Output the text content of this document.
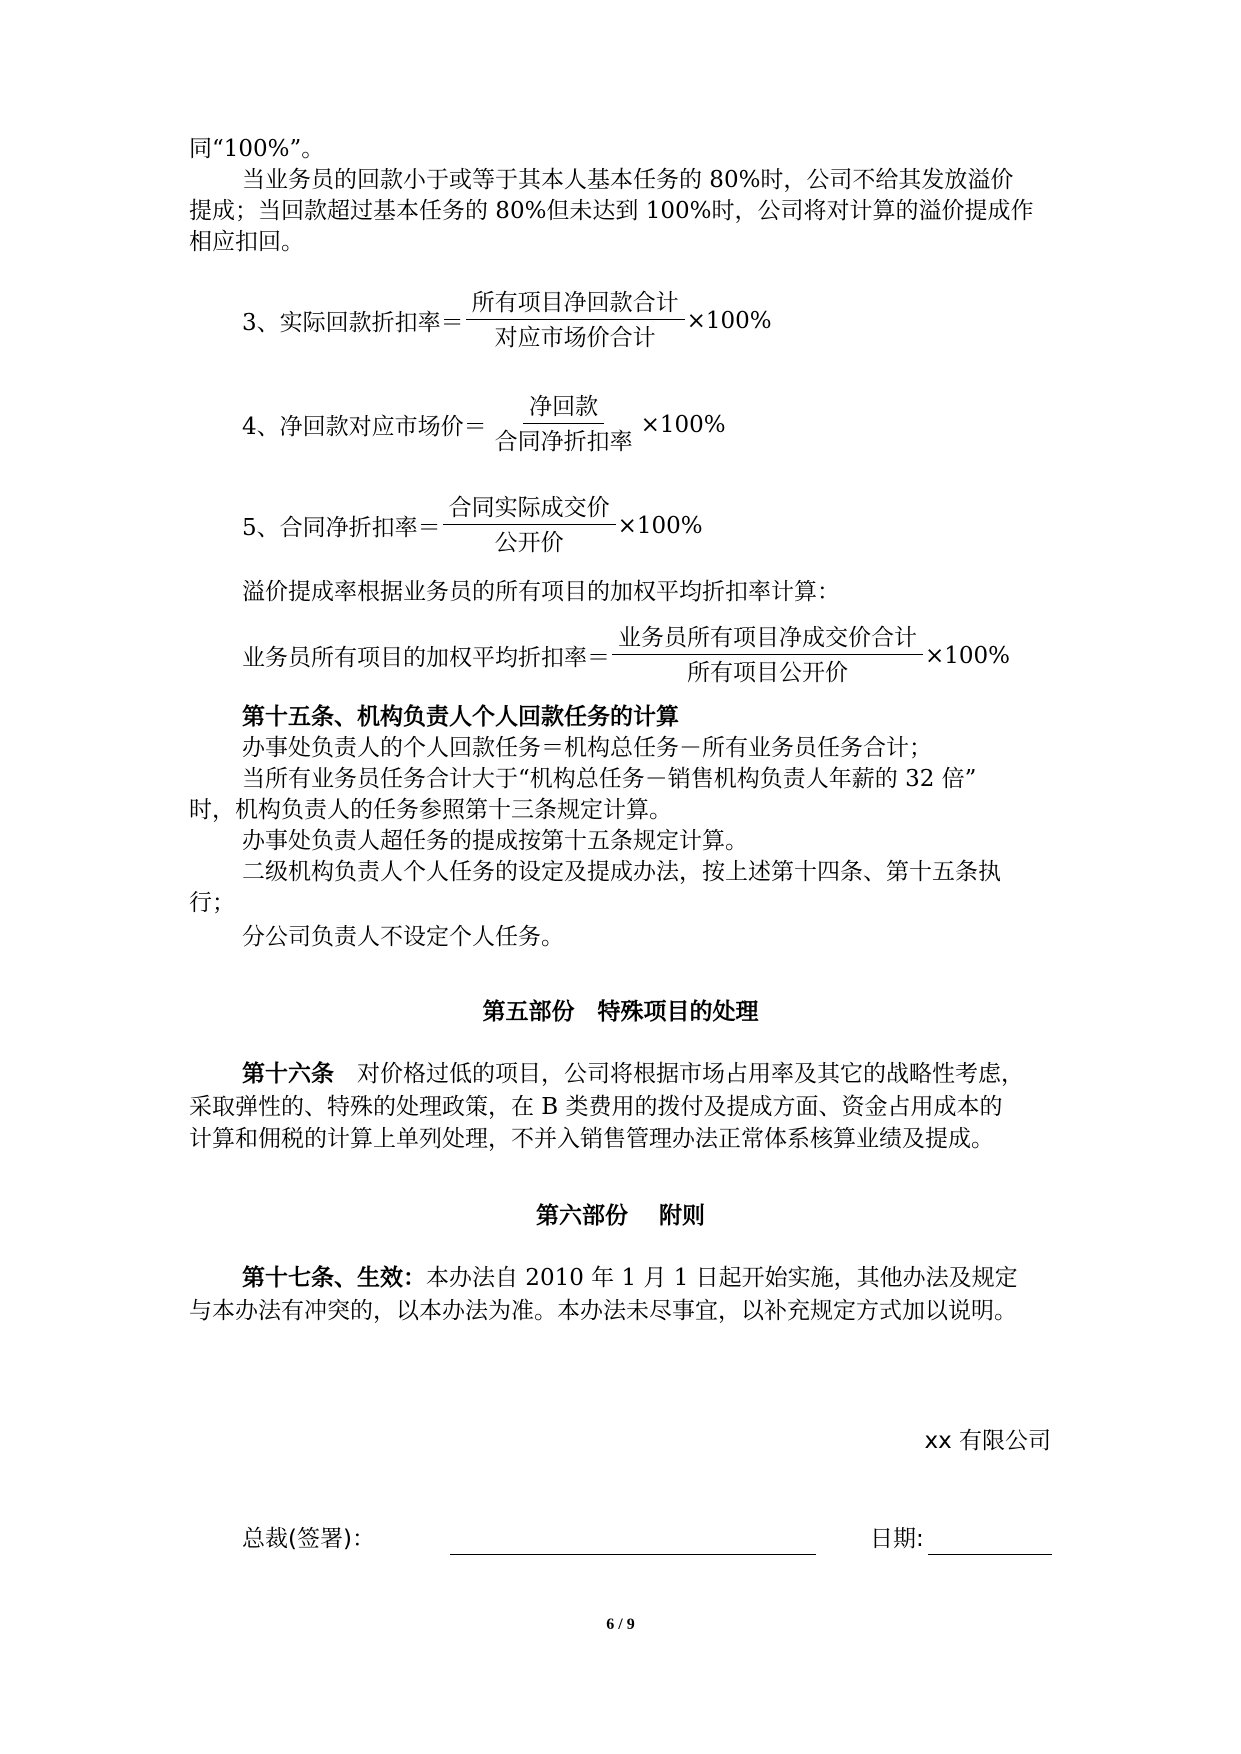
同“100%”。
当业务员的回款小于或等于其本人基本任务的 80%时，公司不给其发放溢价
提成；当回款超过基本任务的 80%但未达到 100%时，公司将对计算的溢价提成作
相应扣回。
3、实际回款折扣率＝ $\frac{\text{所有项目净回款合计}}{\text{对应市场价合计}} \times 100\%$
4、净回款对应市场价＝ $\frac{\text{净回款}}{\text{合同净折扣率}} \times 100\%$
5、合同净折扣率＝ $\frac{\text{合同实际成交价}}{\text{公开价}} \times 100\%$
溢价提成率根据业务员的所有项目的加权平均折扣率计算：
业务员所有项目的加权平均折扣率＝ $\frac{\text{业务员所有项目净成交价合计}}{\text{所有项目公开价}} \times 100\%$
第十五条、机构负责人个人回款任务的计算
办事处负责人的个人回款任务＝机构总任务－所有业务员任务合计；
当所有业务员任务合计大于“机构总任务－销售机构负责人年薪的 32 倍”
时，机构负责人的任务参照第十三条规定计算。
办事处负责人超任务的提成按第十五条规定计算。
二级机构负责人个人任务的设定及提成办法，按上述第十四条、第十五条执
行；
分公司负责人不设定个人任务。
第五部份　特殊项目的处理
第十六条　对价格过低的项目，公司将根据市场占用率及其它的战略性考虑，
采取弹性的、特殊的处理政策，在 B 类费用的拨付及提成方面、资金占用成本的
计算和佣税的计算上单列处理，不并入销售管理办法正常体系核算业绩及提成。
第六部份　 附则
第十七条、生效：本办法自 2010 年 1 月 1 日起开始实施，其他办法及规定
与本办法有冲突的，以本办法为准。本办法未尽事宜，以补充规定方式加以说明。
xx 有限公司
总裁(签署)：	日期:
6 / 9
